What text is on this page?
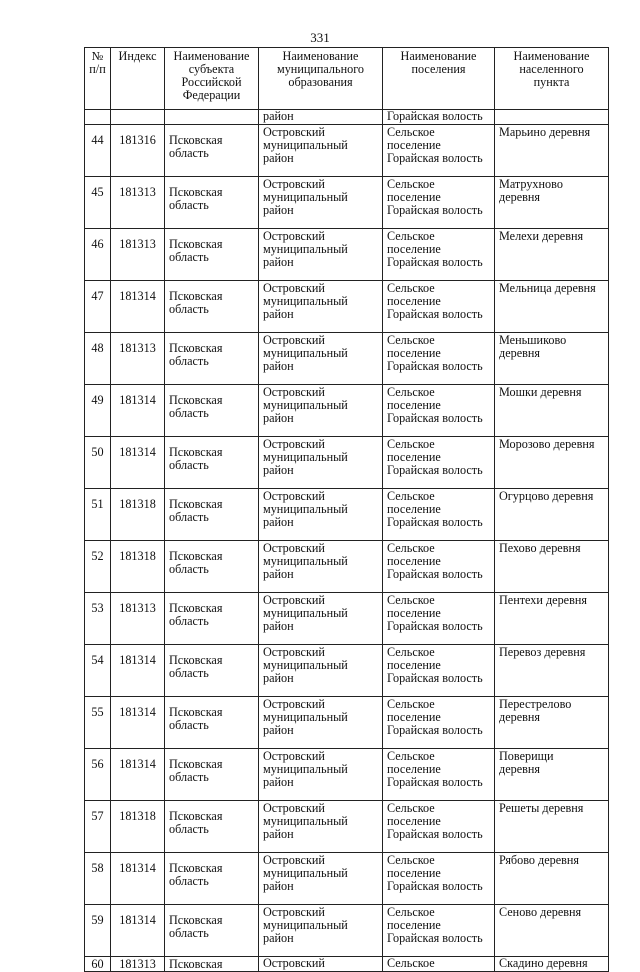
331
№
п/п	Индекс	Наименование
субъекта
Российской
Федерации	Наименование
муниципального
образования	Наименование
поселения	Наименование
населенного
пункта

			район	Горайская волость	

44	181316	Псковская
область	Островский
муниципальный
район	Сельское
поселение
Горайская волость	Марьино деревня

45	181313	Псковская
область	Островский
муниципальный
район	Сельское
поселение
Горайская волость	Матрухново
деревня

46	181313	Псковская
область	Островский
муниципальный
район	Сельское
поселение
Горайская волость	Мелехи деревня

47	181314	Псковская
область	Островский
муниципальный
район	Сельское
поселение
Горайская волость	Мельница деревня

48	181313	Псковская
область	Островский
муниципальный
район	Сельское
поселение
Горайская волость	Меньшиково
деревня

49	181314	Псковская
область	Островский
муниципальный
район	Сельское
поселение
Горайская волость	Мошки деревня

50	181314	Псковская
область	Островский
муниципальный
район	Сельское
поселение
Горайская волость	Морозово деревня

51	181318	Псковская
область	Островский
муниципальный
район	Сельское
поселение
Горайская волость	Огурцово деревня

52	181318	Псковская
область	Островский
муниципальный
район	Сельское
поселение
Горайская волость	Пехово деревня

53	181313	Псковская
область	Островский
муниципальный
район	Сельское
поселение
Горайская волость	Пентехи деревня

54	181314	Псковская
область	Островский
муниципальный
район	Сельское
поселение
Горайская волость	Перевоз деревня

55	181314	Псковская
область	Островский
муниципальный
район	Сельское
поселение
Горайская волость	Перестрелово
деревня

56	181314	Псковская
область	Островский
муниципальный
район	Сельское
поселение
Горайская волость	Поверищи
деревня

57	181318	Псковская
область	Островский
муниципальный
район	Сельское
поселение
Горайская волость	Решеты деревня

58	181314	Псковская
область	Островский
муниципальный
район	Сельское
поселение
Горайская волость	Рябово деревня

59	181314	Псковская
область	Островский
муниципальный
район	Сельское
поселение
Горайская волость	Сеново деревня

60	181313	Псковская	Островский	Сельское	Скадино деревня
